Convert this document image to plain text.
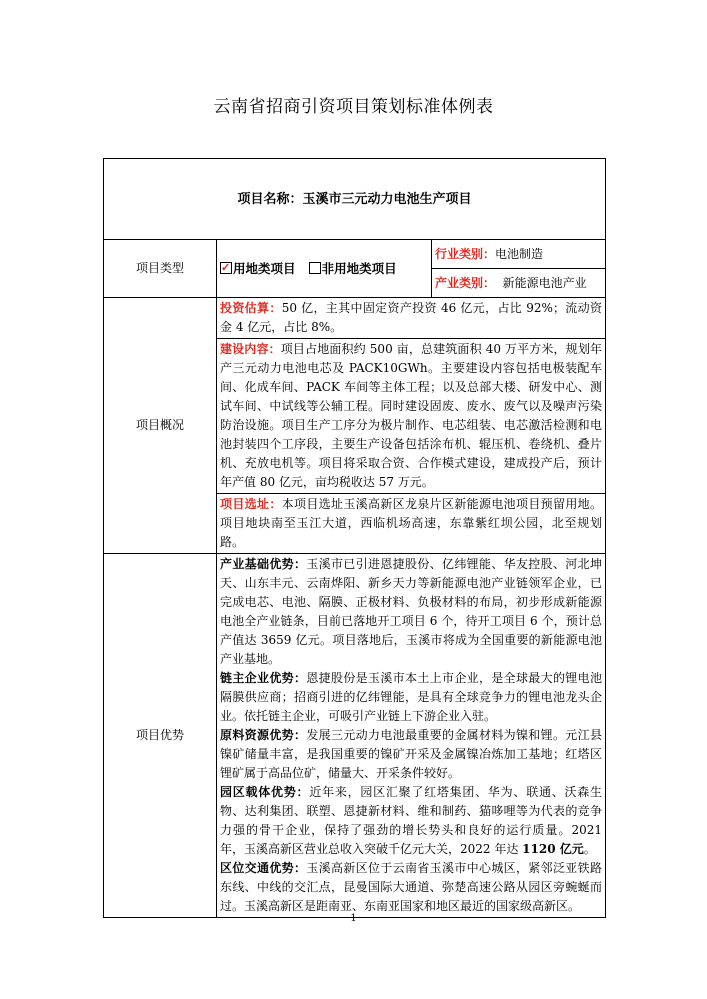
云南省招商引资项目策划标准体例表
项目名称：玉溪市三元动力电池生产项目		
项目类型	✓用地类项目 非用地类项目	行业类别：电池制造
		产业类别： 新能源电池产业
项目概况	投资估算：50 亿，主其中固定资产投资 46 亿元，占比 92%；流动资金 4 亿元，占比 8%。	

	建设内容：项目占地面积约 500 亩，总建筑面积 40 万平方米，规划年产三元动力电池电芯及 PACK10GWh。主要建设内容包括电极装配车间、化成车间、PACK 车间等主体工程；以及总部大楼、研发中心、测试车间、中试线等公辅工程。同时建设固废、废水、废气以及噪声污染防治设施。项目生产工序分为极片制作、电芯组装、电芯激活检测和电池封装四个工序段，主要生产设备包括涂布机、辊压机、卷绕机、叠片机、充放电机等。项目将采取合资、合作模式建设，建成投产后，预计年产值 80 亿元，亩均税收达 57 万元。	

	项目选址：本项目选址玉溪高新区龙泉片区新能源电池项目预留用地。项目地块南至玉江大道，西临机场高速，东靠紫红坝公园，北至规划路。	

项目优势	产业基础优势：玉溪市已引进恩捷股份、亿纬锂能、华友控股、河北坤天、山东丰元、云南烨阳、新乡天力等新能源电池产业链领军企业，已完成电芯、电池、隔膜、正极材料、负极材料的布局，初步形成新能源电池全产业链条，目前已落地开工项目 6 个，待开工项目 6 个，预计总产值达 3659 亿元。项目落地后，玉溪市将成为全国重要的新能源电池产业基地。

链主企业优势：恩捷股份是玉溪市本土上市企业，是全球最大的锂电池隔膜供应商；招商引进的亿纬锂能，是具有全球竞争力的锂电池龙头企业。依托链主企业，可吸引产业链上下游企业入驻。

原料资源优势：发展三元动力电池最重要的金属材料为镍和锂。元江县镍矿储量丰富，是我国重要的镍矿开采及金属镍冶炼加工基地；红塔区锂矿属于高品位矿，储量大、开采条件较好。

园区载体优势：近年来，园区汇聚了红塔集团、华为、联通、沃森生物、达利集团、联塑、恩捷新材料、维和制药、猫哆哩等为代表的竞争力强的骨干企业，保持了强劲的增长势头和良好的运行质量。2021 年，玉溪高新区营业总收入突破千亿元大关，2022 年达 1120 亿元。

区位交通优势：玉溪高新区位于云南省玉溪市中心城区，紧邻泛亚铁路东线、中线的交汇点，昆曼国际大通道、弥楚高速公路从园区旁蜿蜒而过。玉溪高新区是距南亚、东南亚国家和地区最近的国家级高新区。	

1
